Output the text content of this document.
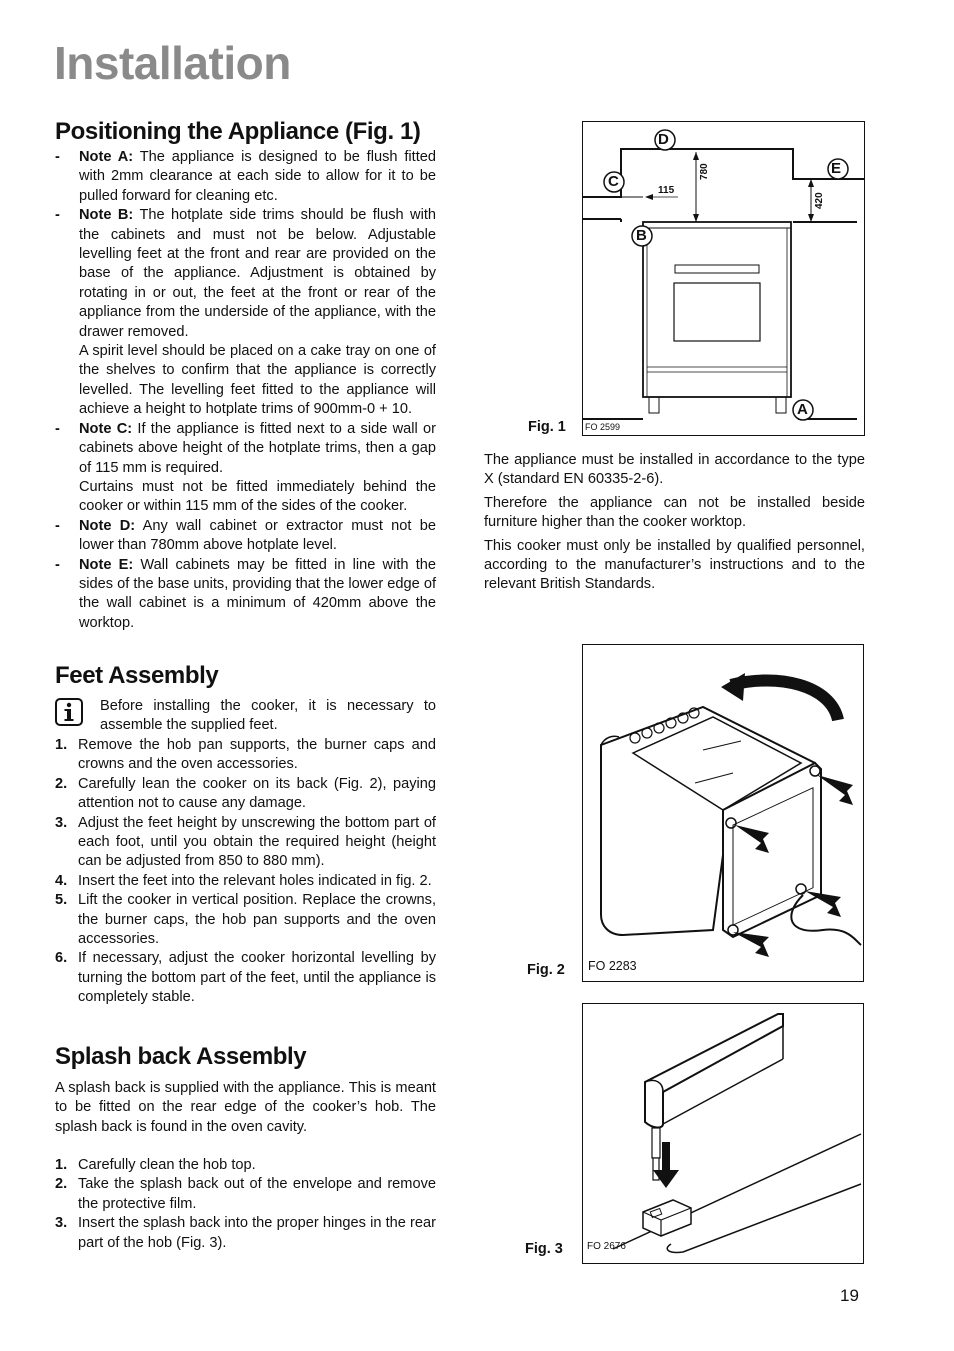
Installation
Positioning the Appliance (Fig. 1)
- Note A: The appliance is designed to be flush fitted with 2mm clearance at each side to allow for it to be pulled forward for cleaning etc.
- Note B: The hotplate side trims should be flush with the cabinets and must not be below. Adjustable levelling feet at the front and rear are provided on the base of the appliance. Adjustment is obtained by rotating in or out, the feet at the front or rear of the appliance from the underside of the appliance, with the drawer removed.
A spirit level should be placed on a cake tray on one of the shelves to confirm that the appliance is correctly levelled. The levelling feet fitted to the appliance will achieve a height to hotplate trims of 900mm-0 + 10.
- Note C: If the appliance is fitted next to a side wall or cabinets above height of the hotplate trims, then a gap of 115 mm is required.
Curtains must not be fitted immediately behind the cooker or within 115 mm of the sides of the cooker.
- Note D: Any wall cabinet or extractor must not be lower than 780mm above hotplate level.
- Note E: Wall cabinets may be fitted in line with the sides of the base units, providing that the lower edge of the wall cabinet is a minimum of 420mm above the worktop.
Feet Assembly
Before installing the cooker, it is necessary to assemble the supplied feet.
1. Remove the hob pan supports, the burner caps and crowns and the oven accessories.
2. Carefully lean the cooker on its back (Fig. 2), paying attention not to cause any damage.
3. Adjust the feet height by unscrewing the bottom part of each foot, until you obtain the required height (height can be adjusted from 850 to 880 mm).
4. Insert the feet into the relevant holes indicated in fig. 2.
5. Lift the cooker in vertical position. Replace the crowns, the burner caps, the hob pan supports and the oven accessories.
6. If necessary, adjust the cooker horizontal levelling by turning the bottom part of the feet, until the appliance is completely stable.
Splash back Assembly
A splash back is supplied with the appliance. This is meant to be fitted on the rear edge of the cooker’s hob. The splash back is found in the oven cavity.
1. Carefully clean the hob top.
2. Take the splash back out of the envelope and remove the protective film.
3. Insert the splash back into the proper hinges in the rear part of the hob (Fig. 3).
D
E
C
B
A
115
780
420
FO 2599
Fig. 1

The appliance must be installed in accordance to the type X (standard EN 60335-2-6).

Therefore the appliance can not be installed beside furniture higher than the cooker worktop.

This cooker must only be installed by qualified personnel, according to the manufacturer’s instructions and to the relevant British Standards.

FO 2283
Fig. 2
FO 2676
Fig. 3
19
